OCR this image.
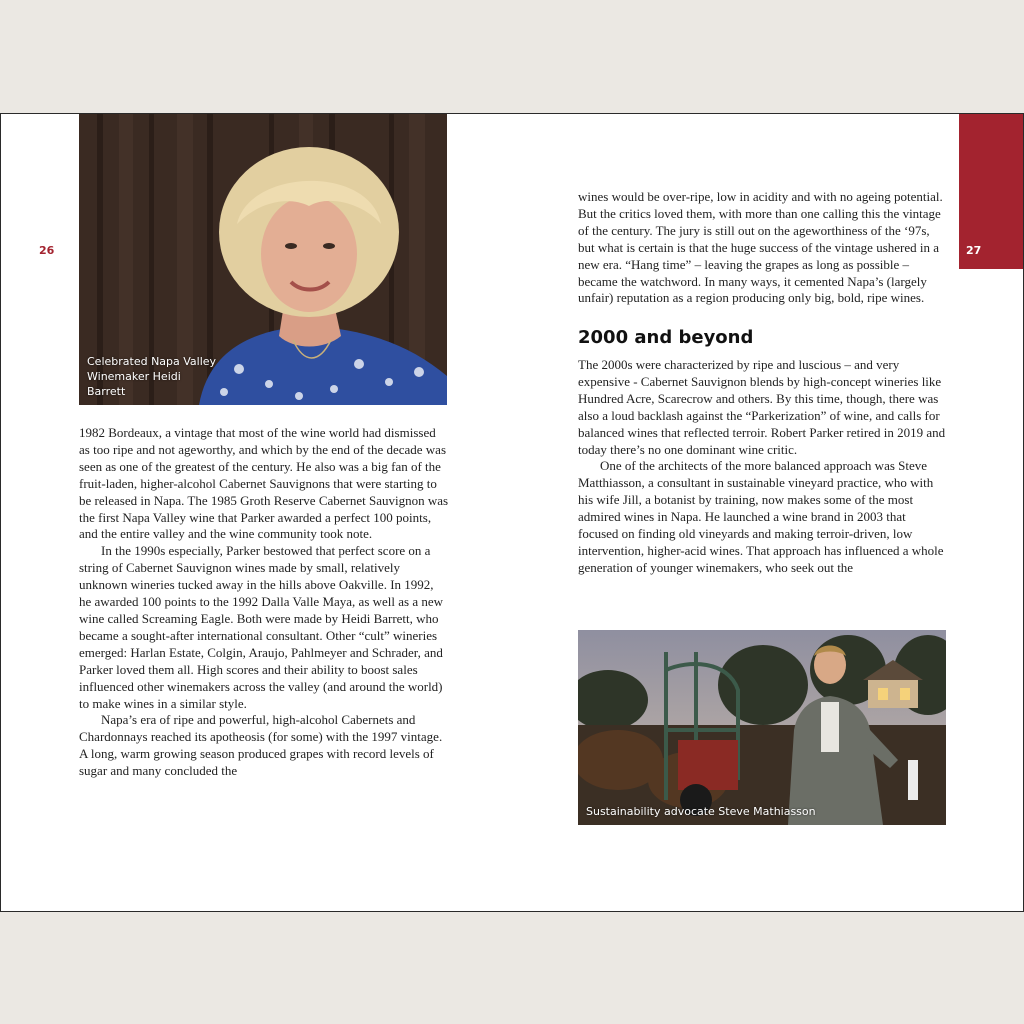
26	27
Celebrated Napa Valley Winemaker Heidi Barrett

1982 Bordeaux, a vintage that most of the wine world had dismissed as too ripe and not ageworthy, and which by the end of the decade was seen as one of the greatest of the century. He also was a big fan of the fruit-laden, higher-alcohol Cabernet Sauvignons that were starting to be released in Napa. The 1985 Groth Reserve Cabernet Sauvignon was the first Napa Valley wine that Parker awarded a perfect 100 points, and the entire valley and the wine community took note.

In the 1990s especially, Parker bestowed that perfect score on a string of Cabernet Sauvignon wines made by small, relatively unknown wineries tucked away in the hills above Oakville. In 1992, he awarded 100 points to the 1992 Dalla Valle Maya, as well as a new wine called Screaming Eagle. Both were made by Heidi Barrett, who became a sought-after international consultant. Other “cult” wineries emerged: Harlan Estate, Colgin, Araujo, Pahlmeyer and Schrader, and Parker loved them all. High scores and their ability to boost sales influenced other winemakers across the valley (and around the world) to make wines in a similar style.

Napa’s era of ripe and powerful, high-alcohol Cabernets and Chardonnays reached its apotheosis (for some) with the 1997 vintage. A long, warm growing season produced grapes with record levels of sugar and many concluded the

wines would be over-ripe, low in acidity and with no ageing potential. But the critics loved them, with more than one calling this the vintage of the century. The jury is still out on the ageworthiness of the ‘97s, but what is certain is that the huge success of the vintage ushered in a new era. “Hang time” – leaving the grapes as long as possible – became the watchword. In many ways, it cemented Napa’s (largely unfair) reputation as a region producing only big, bold, ripe wines.

2000 and beyond

The 2000s were characterized by ripe and luscious – and very expensive - Cabernet Sauvignon blends by high-concept wineries like Hundred Acre, Scarecrow and others. By this time, though, there was also a loud backlash against the “Parkerization” of wine, and calls for balanced wines that reflected terroir. Robert Parker retired in 2019 and today there’s no one dominant wine critic.

One of the architects of the more balanced approach was Steve Matthiasson, a consultant in sustainable vineyard practice, who with his wife Jill, a botanist by training, now makes some of the most admired wines in Napa. He launched a wine brand in 2003 that focused on finding old vineyards and making terroir-driven, low intervention, higher-acid wines. That approach has influenced a whole generation of younger winemakers, who seek out the

Sustainability advocate Steve Mathiasson
